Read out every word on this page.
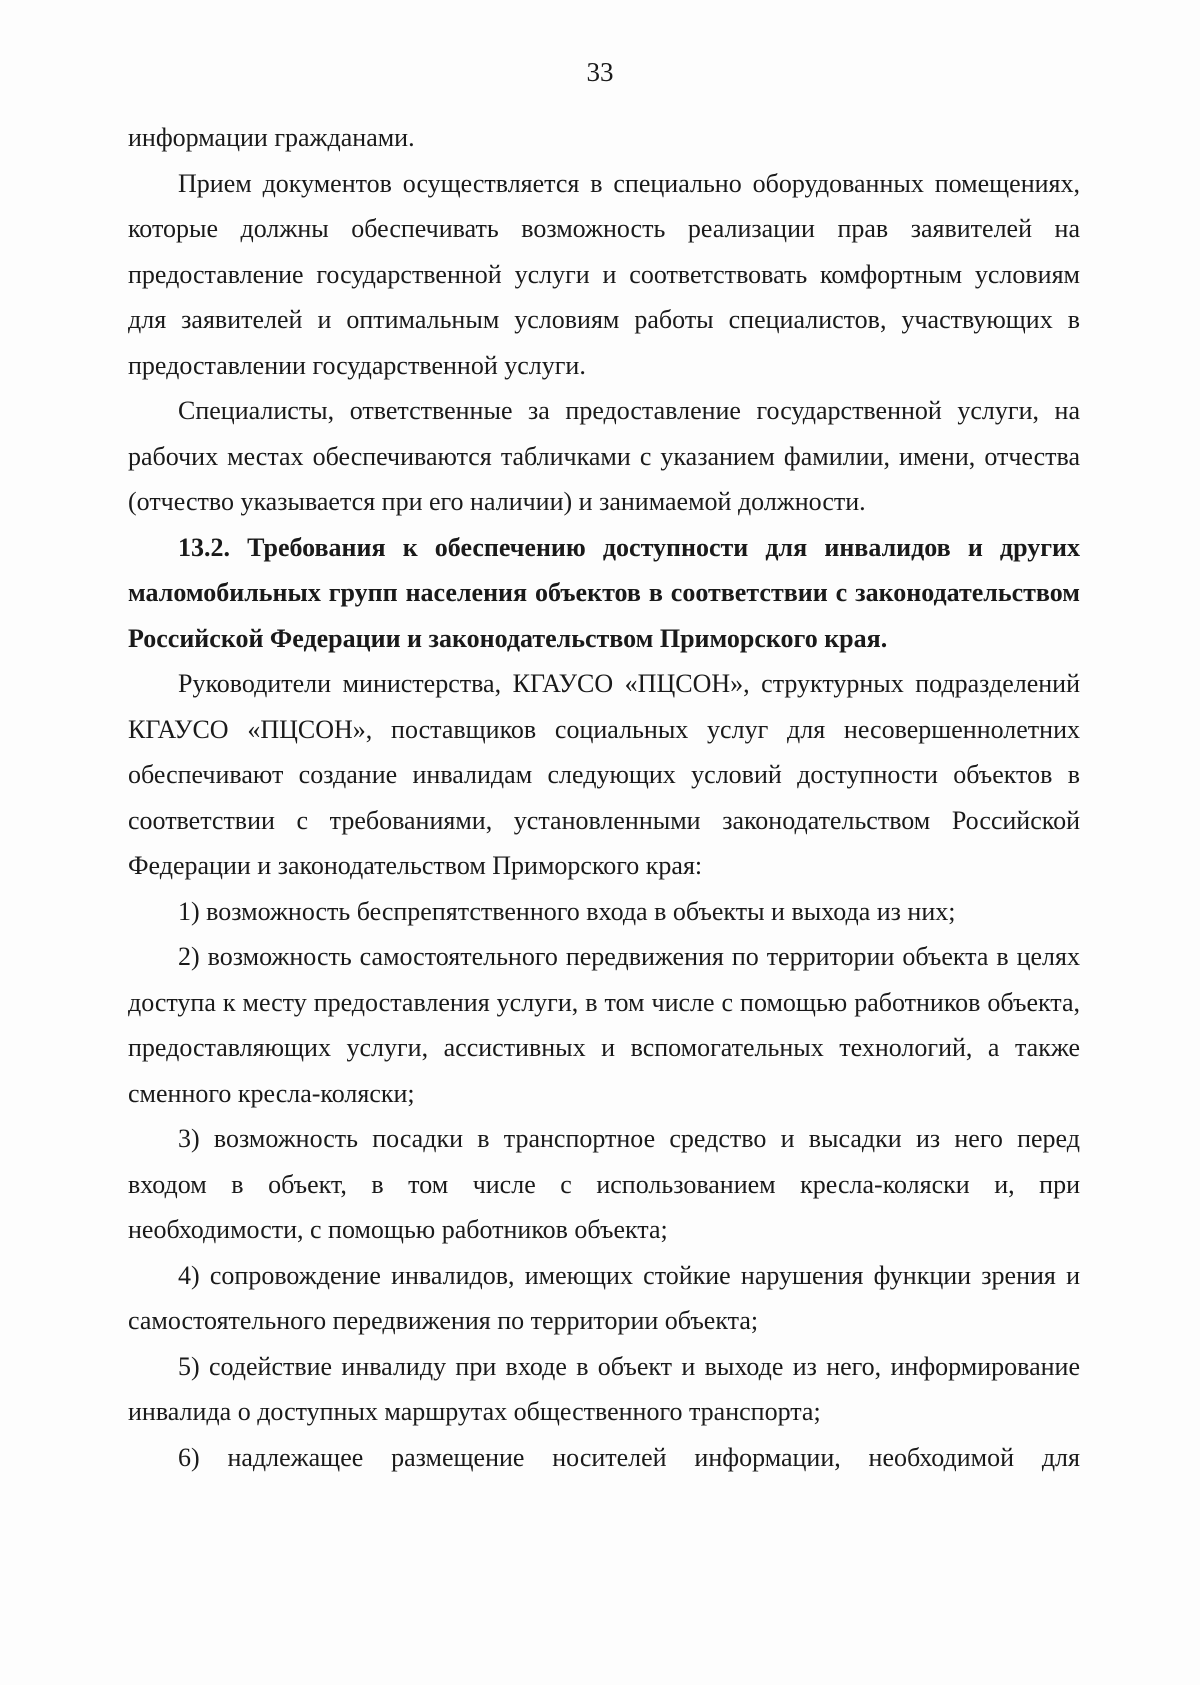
33

информации гражданами.

Прием документов осуществляется в специально оборудованных помещениях, которые должны обеспечивать возможность реализации прав заявителей на предоставление государственной услуги и соответствовать комфортным условиям для заявителей и оптимальным условиям работы специалистов, участвующих в предоставлении государственной услуги.

Специалисты, ответственные за предоставление государственной услуги, на рабочих местах обеспечиваются табличками с указанием фамилии, имени, отчества (отчество указывается при его наличии) и занимаемой должности.

13.2. Требования к обеспечению доступности для инвалидов и других маломобильных групп населения объектов в соответствии с законодательством Российской Федерации и законодательством Приморского края.

Руководители министерства, КГАУСО «ПЦСОН», структурных подразделений КГАУСО «ПЦСОН», поставщиков социальных услуг для несовершеннолетних обеспечивают создание инвалидам следующих условий доступности объектов в соответствии с требованиями, установленными законодательством Российской Федерации и законодательством Приморского края:

1) возможность беспрепятственного входа в объекты и выхода из них;

2) возможность самостоятельного передвижения по территории объекта в целях доступа к месту предоставления услуги, в том числе с помощью работников объекта, предоставляющих услуги, ассистивных и вспомогательных технологий, а также сменного кресла-коляски;

3) возможность посадки в транспортное средство и высадки из него перед входом в объект, в том числе с использованием кресла-коляски и, при необходимости, с помощью работников объекта;

4) сопровождение инвалидов, имеющих стойкие нарушения функции зрения и самостоятельного передвижения по территории объекта;

5) содействие инвалиду при входе в объект и выходе из него, информирование инвалида о доступных маршрутах общественного транспорта;

6) надлежащее размещение носителей информации, необходимой для
